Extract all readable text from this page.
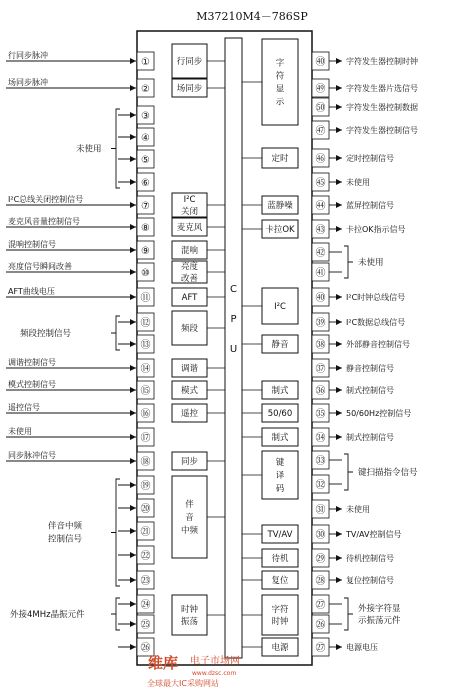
M37210M4－786SP
C
P
U
①
行同步脉冲
②
场同步脉冲
③
④
⑤
⑥
⑦
I²C总线关闭控制信号
⑧
麦克风音量控制信号
⑨
混响控制信号
⑩
亮度信号瞬间改善
⑪
AFT曲线电压
⑫
⑬
⑭
调谐控制信号
⑮
模式控制信号
⑯
遥控信号
⑰
未使用
⑱
同步脉冲信号
⑲
⑳
㉑
㉒
㉓
㉔
㉕
㉖
未使用
频段控制信号
伴音中频
控制信号
外接4MHz晶振元件
㊵	字符发生器控制时钟
㊾	字符发生器片选信号
㊿	字符发生器控制数据
㊼	字符发生器控制信号
㊻	定时控制信号
㊺	未使用
㊹	蓝屏控制信号
㊸	卡拉OK指示信号
㊷
㊶
㊵	I²C时钟总线信号
㊴	I²C数据总线信号
㊳	外部静音控制信号
㊲	静音控制信号
㊱	制式控制信号
㉟	50/60Hz控制信号
㉞	制式控制信号
㉝
㉜
㉛	未使用
㉚	TV/AV控制信号
㉙	待机控制信号
㉘	复位控制信号
㉗
㉖
㉗	电源电压
未使用
键扫描指令信号
外接字符显
示振荡元件
行同步
场同步
I²C
关闭
麦克风
混响
亮度
改善
AFT
频段
调谐
模式
遥控
同步
伴
音
中频
时钟
振荡
字
符
显
示
定时
蓝静噪
卡拉OK
I²C
静音
制式
50/60
制式
键
译
码
TV/AV
待机
复位
字符
时钟
电源
维库 电子市场网
www.dzsc.com
全球最大IC采购网站
